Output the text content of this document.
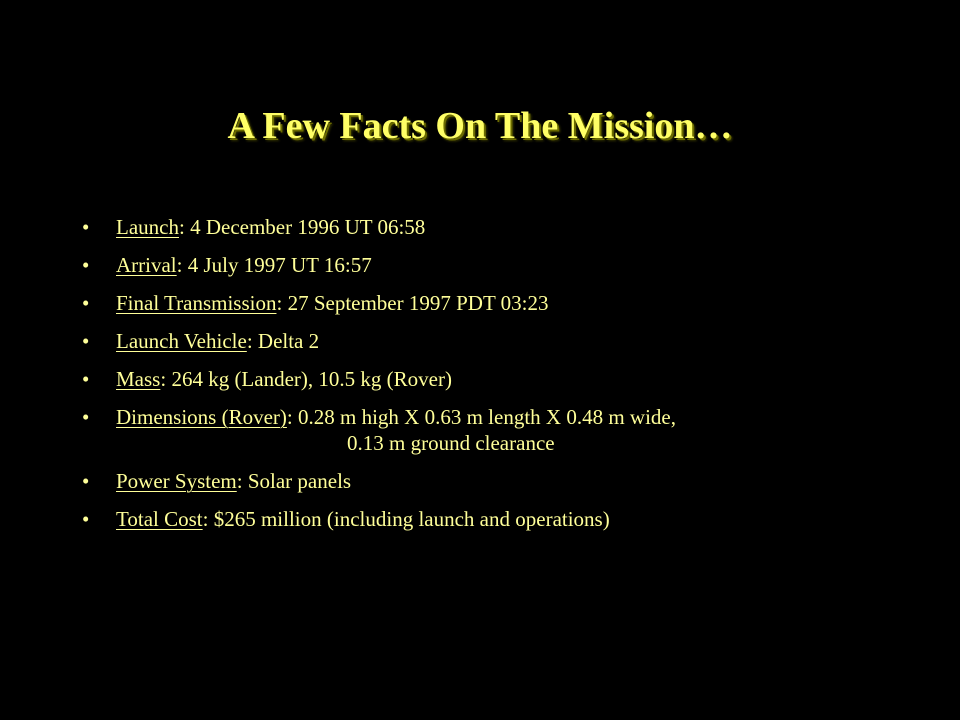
A Few Facts On The Mission…
• Launch: 4 December 1996 UT 06:58
• Arrival: 4 July 1997 UT 16:57
• Final Transmission: 27 September 1997 PDT 03:23
• Launch Vehicle: Delta 2
• Mass: 264 kg (Lander), 10.5 kg (Rover)
• Dimensions (Rover): 0.28 m high X 0.63 m length X 0.48 m wide,
0.13 m ground clearance
• Power System: Solar panels
• Total Cost: $265 million (including launch and operations)
